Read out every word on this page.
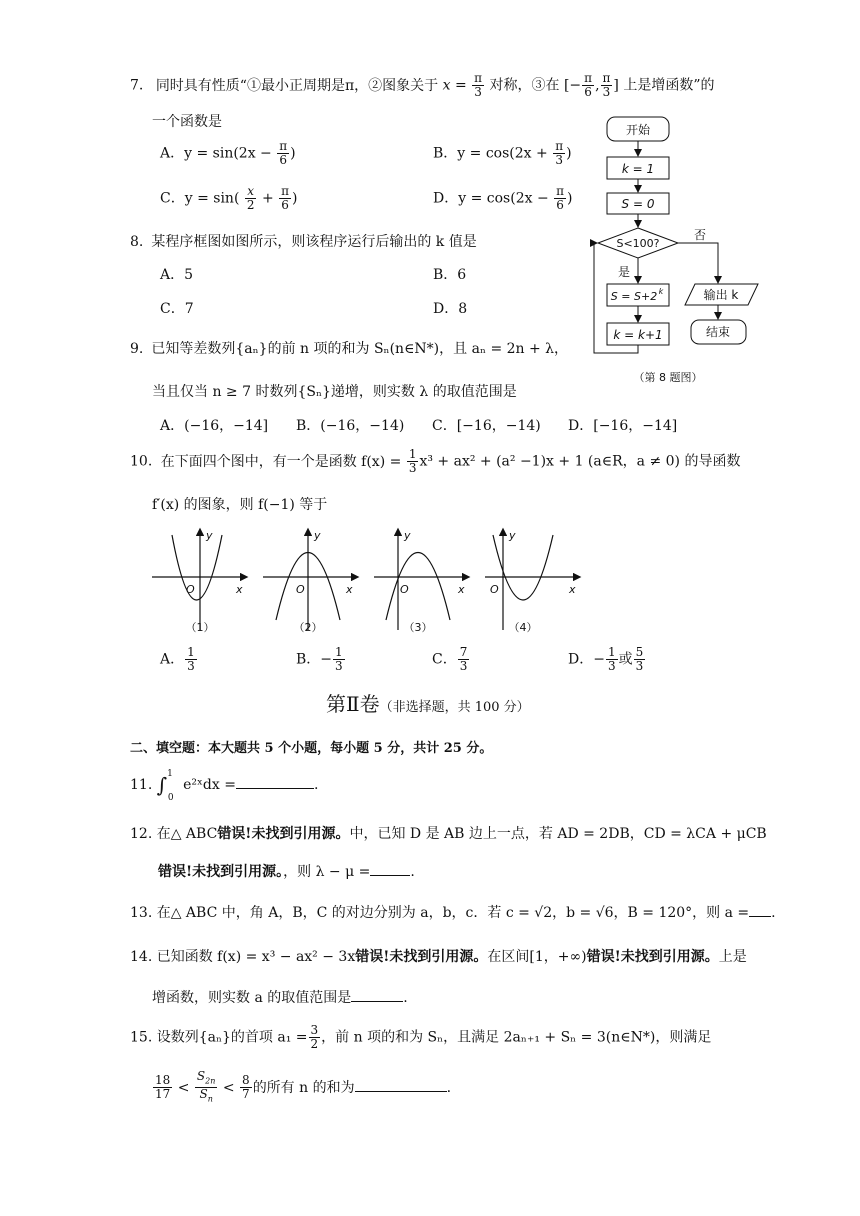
7. 同时具有性质“①最小正周期是π，②图象关于 $x = \frac{\pi}{3}$ 对称，③在 [− $\frac{\pi}{6}$ , $\frac{\pi}{3}$ ] 上是增函数”的
一个函数是
A．$y = \sin(2x - \frac{\pi}{6}$ )	B．$y = \cos(2x + \frac{\pi}{3}$ )
C．$y = \sin( \frac{x}{2} + \frac{\pi}{6}$ )	D．$y = \cos(2x - \frac{\pi}{6}$ )
8. 某程序框图如图所示，则该程序运行后输出的 k 值是
A．5	B．6
C．7	D．8
开始
k = 1
S = 0
S<100?
否
是
S = S+2 k
k = k+1
输出 k
结束
（第 8 题图）
9. 已知等差数列{aₙ}的前 n 项的和为 Sₙ(n∈N*)，且 aₙ = 2n + λ，
当且仅当 n ≥ 7 时数列{Sₙ}递增，则实数 λ 的取值范围是
A．(−16，−14] B．(−16，−14) C．[−16，−14) D．[−16，−14]
10. 在下面四个图中，有一个是函数 $f(x) = \frac{1}{3} x^3 + ax^2 + (a^2 -1)x + 1$ (a∈R，a ≠ 0) 的导函数
f′(x) 的图象，则 f(−1) 等于
y
x
O
y
x
O
y
x
O
y
x
O
（1）	（2）	（3）	（4）
A． $\frac{1}{3}$	B．− $\frac{1}{3}$	C． $\frac{7}{3}$	D．− $\frac{1}{3}$ 或 $\frac{5}{3}$
第Ⅱ卷（非选择题，共 100 分）
二、填空题：本大题共 5 个小题，每小题 5 分，共计 25 分。
11. ∫$^1_0$ e²ˣdx =	.
12. 在△ ABC错误!未找到引用源。中，已知 D 是 AB 边上一点，若 AD = 2DB，CD = λCA + μCB
错误!未找到引用源。，则 λ − μ =	.
13. 在△ ABC 中，角 A，B，C 的对边分别为 a，b，c．若 c = √2，b = √6，B = 120°，则 a = .
14. 已知函数 f(x) = x³ − ax² − 3x错误!未找到引用源。在区间[1，+∞)错误!未找到引用源。上是
增函数，则实数 a 的取值范围是	.
15. 设数列{aₙ}的首项 $a_1 = \frac{3}{2}$ ，前 n 项的和为 Sₙ，且满足 2aₙ₊₁ + Sₙ = 3(n∈N*)，则满足
$\frac{18}{17} < \frac{S_{2n}}{S_n} < \frac{8}{7}$ 的所有 n 的和为	.
